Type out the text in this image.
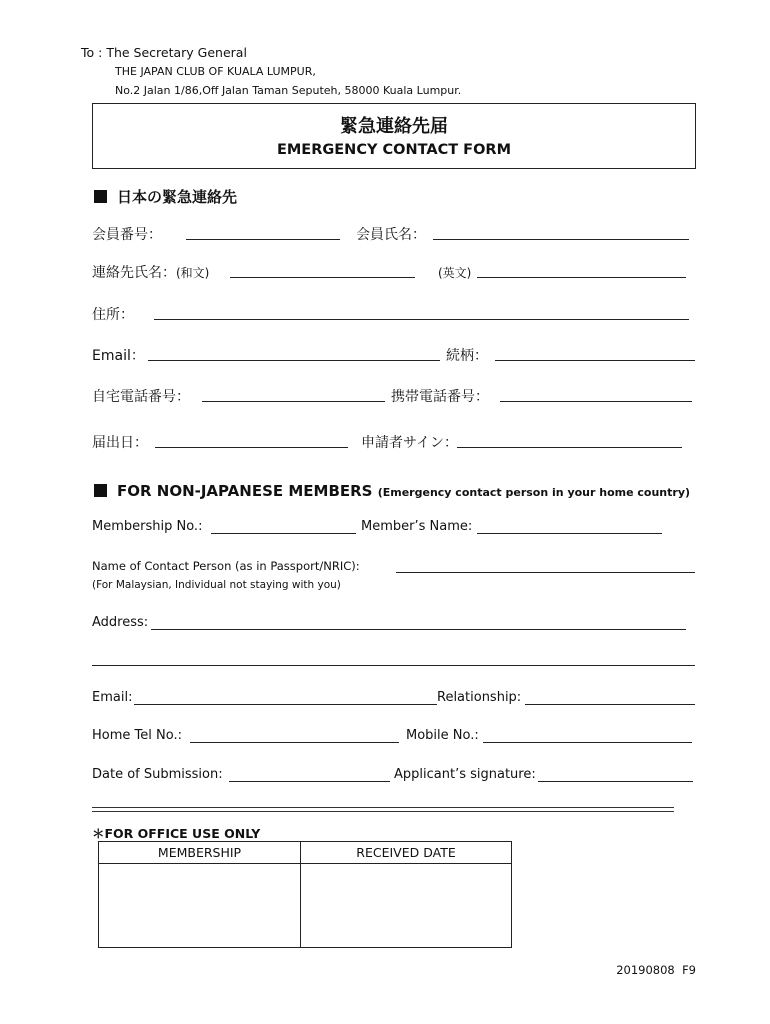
To : The Secretary General
THE JAPAN CLUB OF KUALA LUMPUR,
No.2 Jalan 1/86,Off Jalan Taman Seputeh, 58000 Kuala Lumpur.
緊急連絡先届
EMERGENCY CONTACT FORM
日本の緊急連絡先
会員番号：	会員氏名：
連絡先氏名：(和文)	(英文)
住所：
Email：	続柄：
自宅電話番号：	携帯電話番号：
届出日：	申請者サイン：
FOR NON-JAPANESE MEMBERS (Emergency contact person in your home country)
Membership No.:	Member’s Name:
Name of Contact Person (as in Passport/NRIC):
(For Malaysian, Individual not staying with you)
Address:
Email:	Relationship:
Home Tel No.:	Mobile No.:
Date of Submission:	Applicant’s signature:
＊FOR OFFICE USE ONLY
MEMBERSHIP	RECEIVED DATE

20190808  F9
